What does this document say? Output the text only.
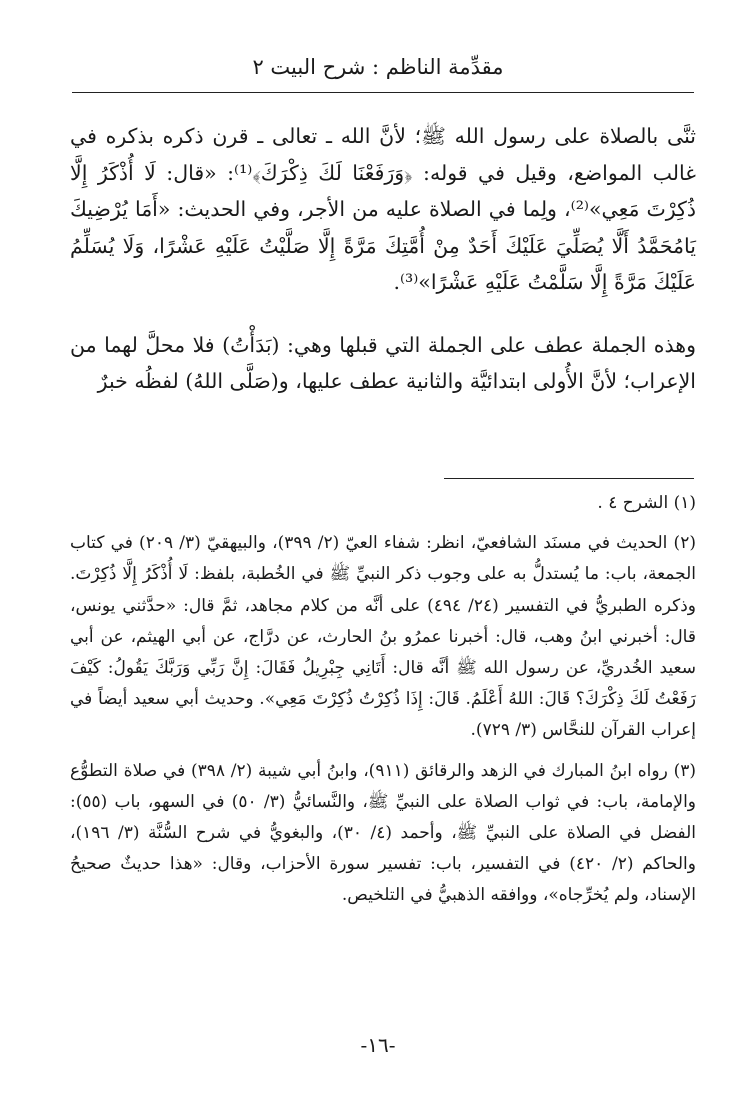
مقدِّمة الناظم : شرح البيت ٢

ثنَّى بالصلاة على رسول الله ﷺ؛ لأنَّ الله ـ تعالى ـ قرن ذكره بذكره في غالب المواضع، وقيل في قوله: ﴿وَرَفَعْنَا لَكَ ذِكْرَكَ﴾⁽¹⁾: «قال: لَا أُذْكَرُ إِلَّا ذُكِرْتَ مَعِي»⁽²⁾، ولِما في الصلاة عليه من الأجر، وفي الحديث: «أَمَا يُرْضِيكَ يَامُحَمَّدُ أَلَّا يُصَلِّيَ عَلَيْكَ أَحَدٌ مِنْ أُمَّتِكَ مَرَّةً إِلَّا صَلَّيْتُ عَلَيْهِ عَشْرًا، وَلَا يُسَلِّمُ عَلَيْكَ مَرَّةً إِلَّا سَلَّمْتُ عَلَيْهِ عَشْرًا»⁽³⁾.

وهذه الجملة عطف على الجملة التي قبلها وهي: (بَدَأْتُ) فلا محلَّ لهما من الإعراب؛ لأنَّ الأُولى ابتدائيَّة والثانية عطف عليها، و(صَلَّى اللهُ) لفظُه خبرٌ

(١) الشرح ٤ .

(٢) الحديث في مسنَد الشافعيّ، انظر: شفاء العيّ (٢/ ٣٩٩)، والبيهقيّ (٣/ ٢٠٩) في كتاب الجمعة، باب: ما يُستدلُّ به على وجوب ذكر النبيِّ ﷺ في الخُطبة، بلفظ: لَا أُذْكَرُ إِلَّا ذُكِرْتَ. وذكره الطبريُّ في التفسير (٢٤/ ٤٩٤) على أنَّه من كلام مجاهد، ثمَّ قال: «حدَّثني يونس، قال: أخبرني ابنُ وهب، قال: أخبرنا عمرُو بنُ الحارث، عن درَّاج، عن أبي الهيثم، عن أبي سعيد الخُدريِّ، عن رسول الله ﷺ أنَّه قال: أَتَانِي جِبْرِيلُ فَقَالَ: إِنَّ رَبِّي وَرَبَّكَ يَقُولُ: كَيْفَ رَفَعْتُ لَكَ ذِكْرَكَ؟ قَالَ: اللهُ أَعْلَمُ. قَالَ: إِذَا ذُكِرْتُ ذُكِرْتَ مَعِي». وحديث أبي سعيد أيضاً في إعراب القرآن للنحَّاس (٣/ ٧٢٩).

(٣) رواه ابنُ المبارك في الزهد والرقائق (٩١١)، وابنُ أبي شيبة (٢/ ٣٩٨) في صلاة التطوُّع والإمامة، باب: في ثواب الصلاة على النبيِّ ﷺ، والنَّسائيُّ (٣/ ٥٠) في السهو، باب (٥٥): الفضل في الصلاة على النبيِّ ﷺ، وأحمد (٤/ ٣٠)، والبغويُّ في شرح السُّنَّة (٣/ ١٩٦)، والحاكم (٢/ ٤٢٠) في التفسير، باب: تفسير سورة الأحزاب، وقال: «هذا حديثٌ صحيحُ الإسناد، ولم يُخرِّجاه»، ووافقه الذهبيُّ في التلخيص.

-١٦-
